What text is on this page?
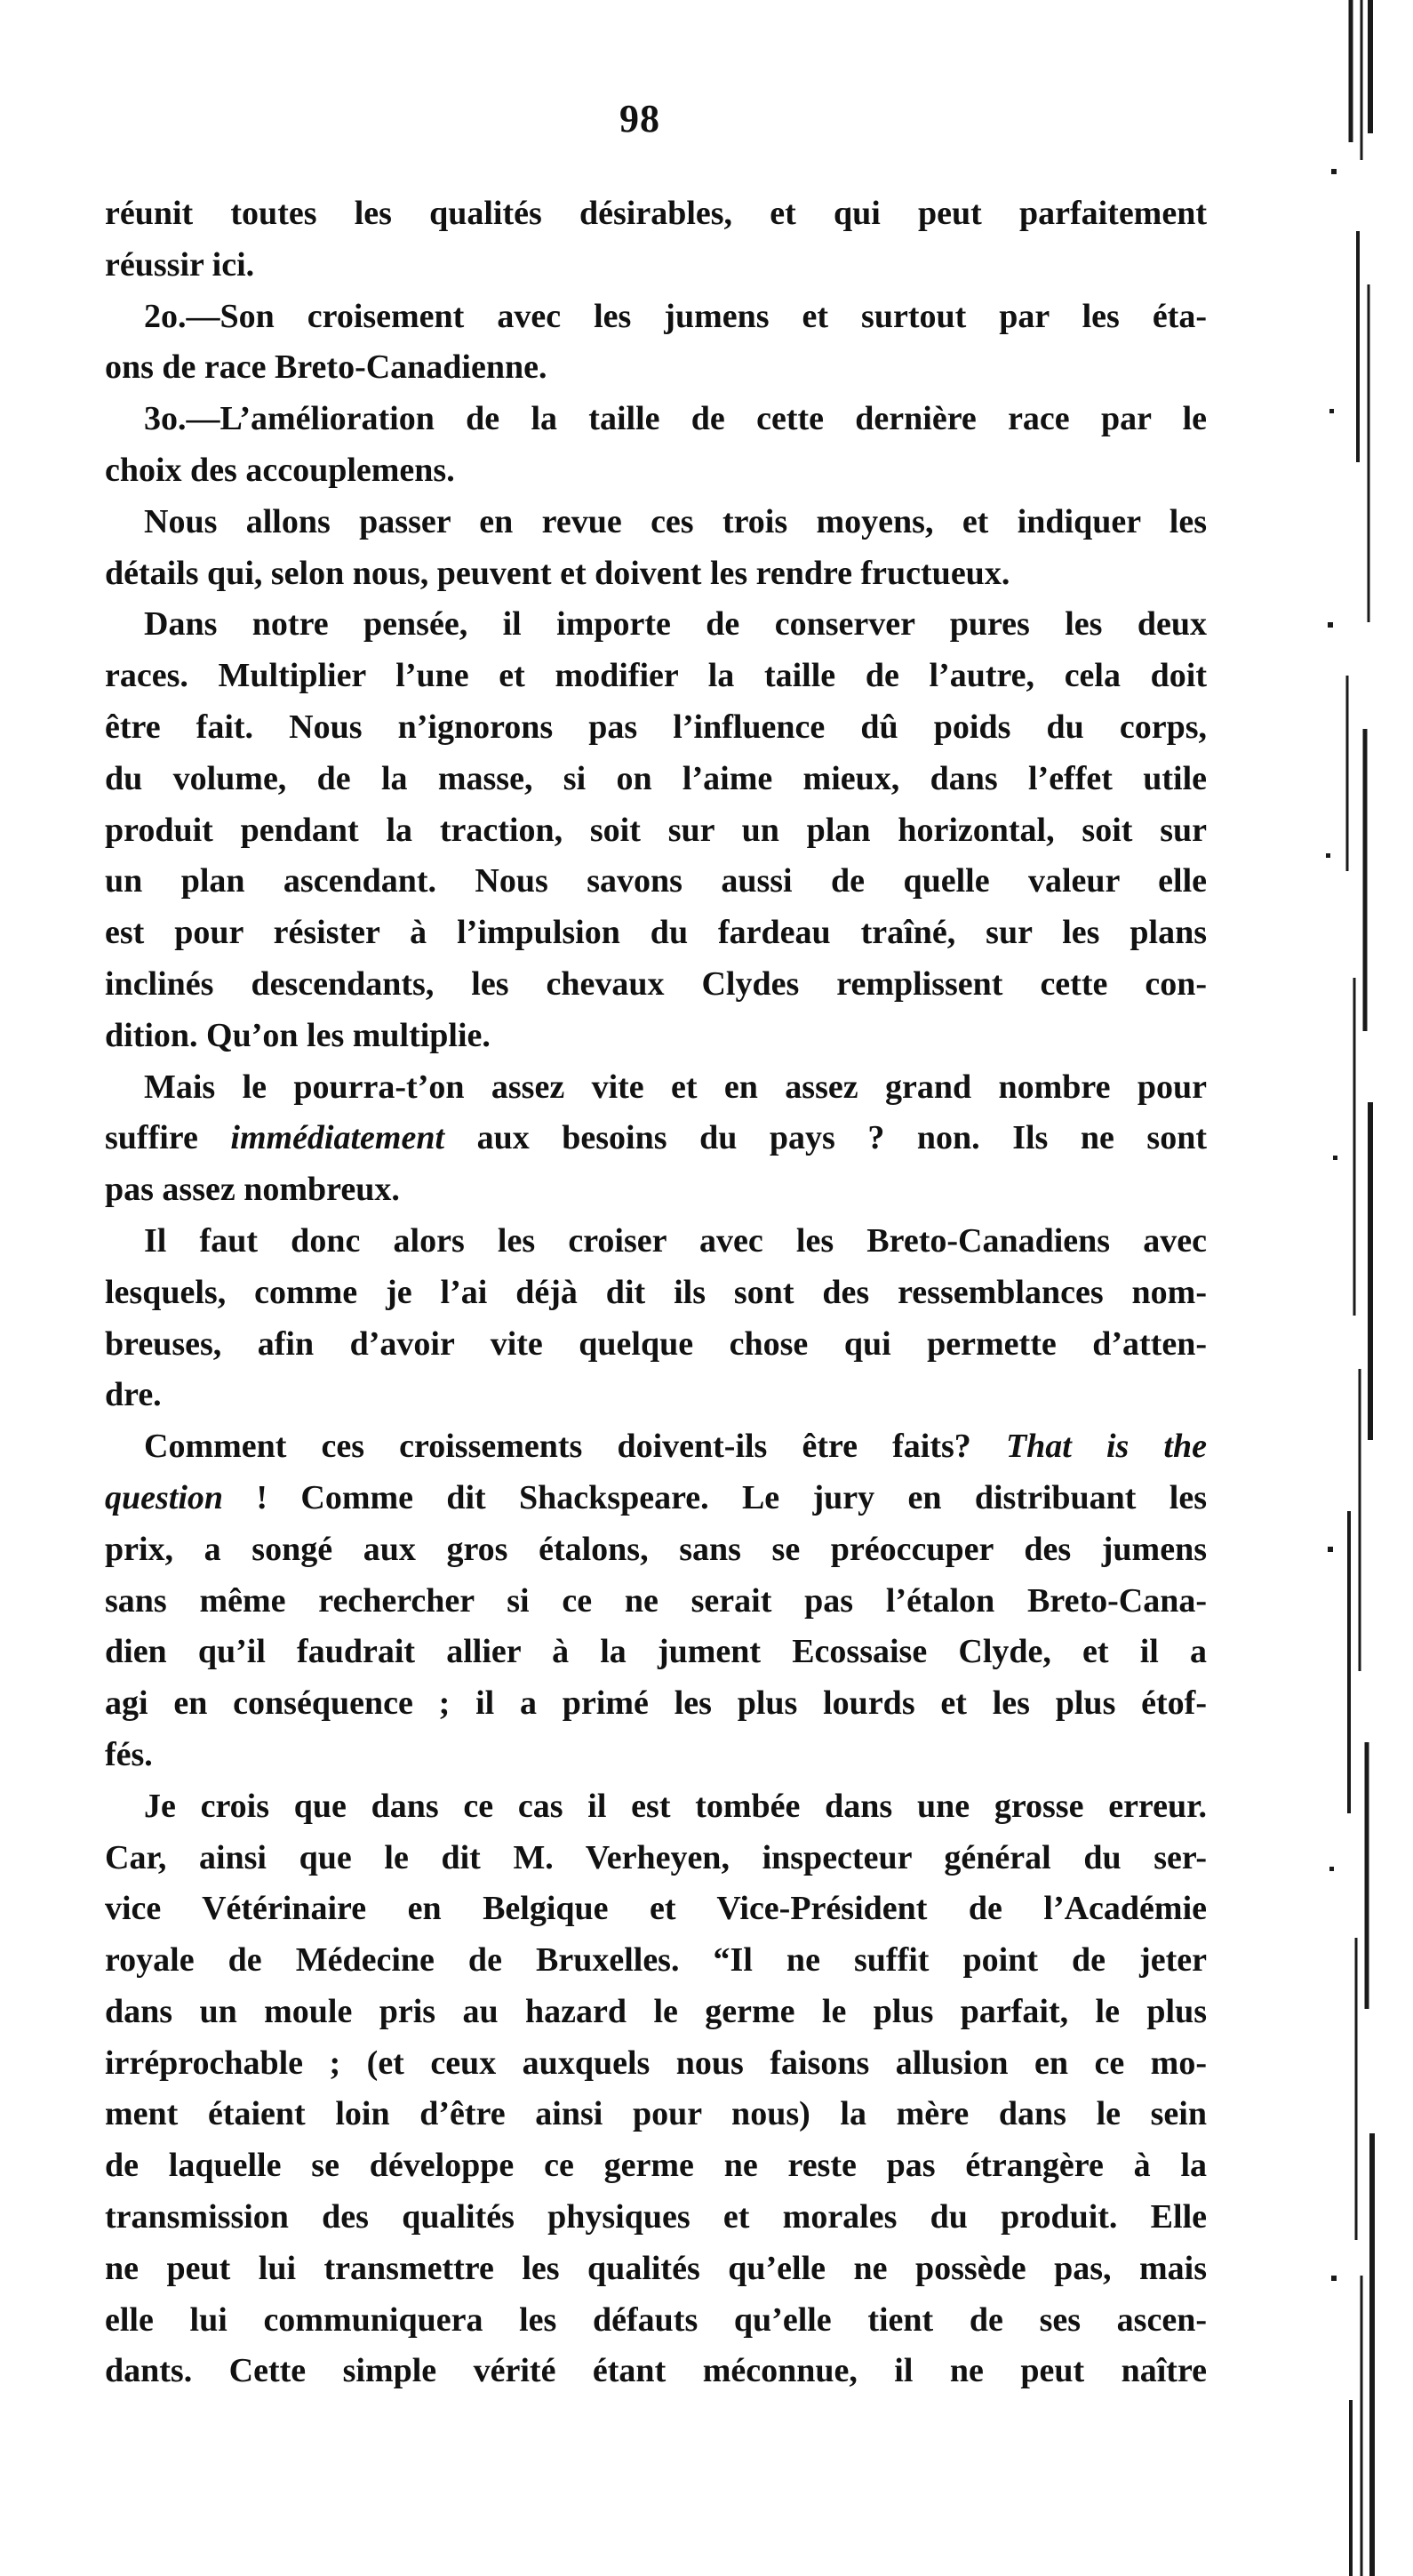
98
réunit toutes les qualités désirables, et qui peut parfaitement
réussir ici.
2o.—Son croisement avec les jumens et surtout par les éta-
ons de race Breto-Canadienne.
3o.—L’amélioration de la taille de cette dernière race par le
choix des accouplemens.
Nous allons passer en revue ces trois moyens, et indiquer les
détails qui, selon nous, peuvent et doivent les rendre fructueux.
Dans notre pensée, il importe de conserver pures les deux
races. Multiplier l’une et modifier la taille de l’autre, cela doit
être fait. Nous n’ignorons pas l’influence dû poids du corps,
du volume, de la masse, si on l’aime mieux, dans l’effet utile
produit pendant la traction, soit sur un plan horizontal, soit sur
un plan ascendant. Nous savons aussi de quelle valeur elle
est pour résister à l’impulsion du fardeau traîné, sur les plans
inclinés descendants, les chevaux Clydes remplissent cette con-
dition. Qu’on les multiplie.
Mais le pourra-t’on assez vite et en assez grand nombre pour
suffire immédiatement aux besoins du pays ? non. Ils ne sont
pas assez nombreux.
Il faut donc alors les croiser avec les Breto-Canadiens avec
lesquels, comme je l’ai déjà dit ils sont des ressemblances nom-
breuses, afin d’avoir vite quelque chose qui permette d’atten-
dre.
Comment ces croissements doivent-ils être faits? That is the
question ! Comme dit Shackspeare. Le jury en distribuant les
prix, a songé aux gros étalons, sans se préoccuper des jumens
sans même rechercher si ce ne serait pas l’étalon Breto-Cana-
dien qu’il faudrait allier à la jument Ecossaise Clyde, et il a
agi en conséquence ; il a primé les plus lourds et les plus étof-
fés.
Je crois que dans ce cas il est tombée dans une grosse erreur.
Car, ainsi que le dit M. Verheyen, inspecteur général du ser-
vice Vétérinaire en Belgique et Vice-Président de l’Académie
royale de Médecine de Bruxelles. “Il ne suffit point de jeter
dans un moule pris au hazard le germe le plus parfait, le plus
irréprochable ; (et ceux auxquels nous faisons allusion en ce mo-
ment étaient loin d’être ainsi pour nous) la mère dans le sein
de laquelle se développe ce germe ne reste pas étrangère à la
transmission des qualités physiques et morales du produit. Elle
ne peut lui transmettre les qualités qu’elle ne possède pas, mais
elle lui communiquera les défauts qu’elle tient de ses ascen-
dants. Cette simple vérité étant méconnue, il ne peut naître
